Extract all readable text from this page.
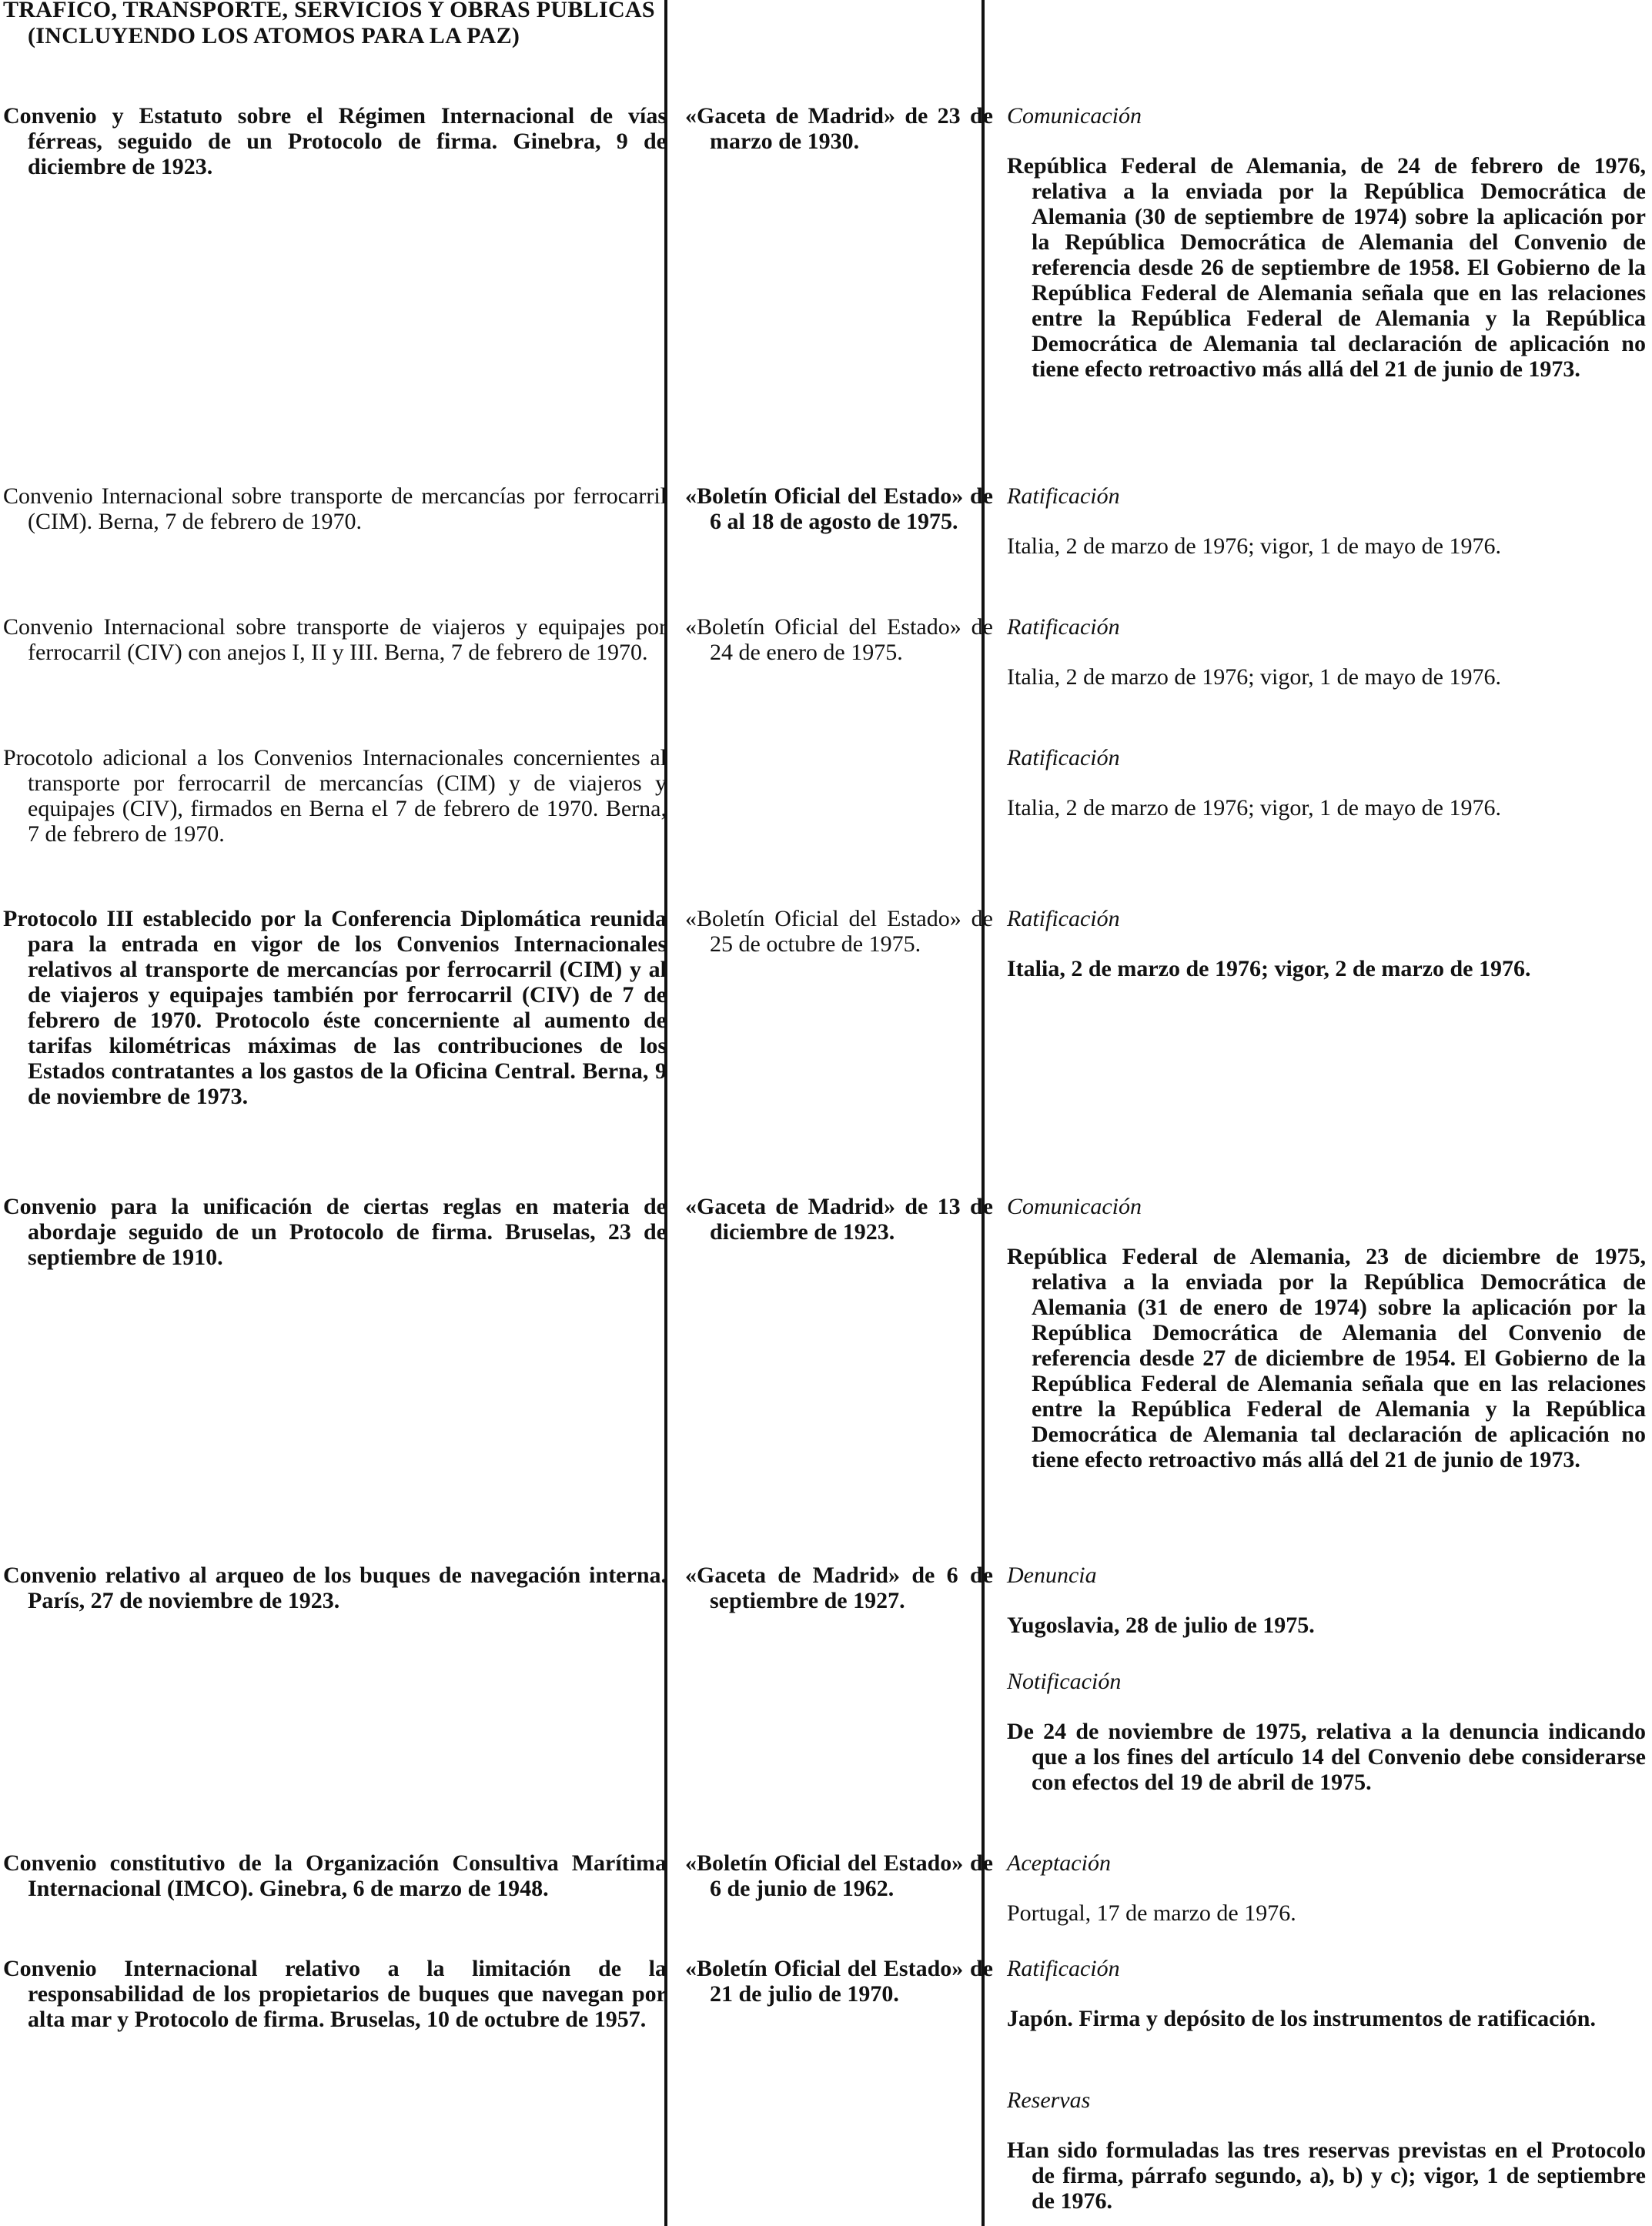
TRAFICO, TRANSPORTE, SERVICIOS Y OBRAS PUBLICAS (INCLUYENDO LOS ATOMOS PARA LA PAZ)
Convenio y Estatuto sobre el Régimen Internacional de vías férreas, seguido de un Protocolo de firma. Ginebra, 9 de diciembre de 1923.
«Gaceta de Madrid» de 23 de marzo de 1930.
Comunicación
República Federal de Alemania, de 24 de febrero de 1976, relativa a la enviada por la República Democrática de Alemania (30 de septiembre de 1974) sobre la aplicación por la República Democrática de Alemania del Convenio de referencia desde 26 de septiembre de 1958. El Gobierno de la República Federal de Alemania señala que en las relaciones entre la República Federal de Alemania y la República Democrática de Alemania tal declaración de aplicación no tiene efecto retroactivo más allá del 21 de junio de 1973.
Convenio Internacional sobre transporte de mercancías por ferrocarril (CIM). Berna, 7 de febrero de 1970.
«Boletín Oficial del Estado» de 6 al 18 de agosto de 1975.
Ratificación
Italia, 2 de marzo de 1976; vigor, 1 de mayo de 1976.
Convenio Internacional sobre transporte de viajeros y equipajes por ferrocarril (CIV) con anejos I, II y III. Berna, 7 de febrero de 1970.
«Boletín Oficial del Estado» de 24 de enero de 1975.
Ratificación
Italia, 2 de marzo de 1976; vigor, 1 de mayo de 1976.
Procotolo adicional a los Convenios Internacionales concernientes al transporte por ferrocarril de mercancías (CIM) y de viajeros y equipajes (CIV), firmados en Berna el 7 de febrero de 1970. Berna, 7 de febrero de 1970.
Ratificación
Italia, 2 de marzo de 1976; vigor, 1 de mayo de 1976.
Protocolo III establecido por la Conferencia Diplomática reunida para la entrada en vigor de los Convenios Internacionales relativos al transporte de mercancías por ferrocarril (CIM) y al de viajeros y equipajes también por ferrocarril (CIV) de 7 de febrero de 1970. Protocolo éste concerniente al aumento de tarifas kilométricas máximas de las contribuciones de los Estados contratantes a los gastos de la Oficina Central. Berna, 9 de noviembre de 1973.
«Boletín Oficial del Estado» de 25 de octubre de 1975.
Ratificación
Italia, 2 de marzo de 1976; vigor, 2 de marzo de 1976.
Convenio para la unificación de ciertas reglas en materia de abordaje seguido de un Protocolo de firma. Bruselas, 23 de septiembre de 1910.
«Gaceta de Madrid» de 13 de diciembre de 1923.
Comunicación
República Federal de Alemania, 23 de diciembre de 1975, relativa a la enviada por la República Democrática de Alemania (31 de enero de 1974) sobre la aplicación por la República Democrática de Alemania del Convenio de referencia desde 27 de diciembre de 1954. El Gobierno de la República Federal de Alemania señala que en las relaciones entre la República Federal de Alemania y la República Democrática de Alemania tal declaración de aplicación no tiene efecto retroactivo más allá del 21 de junio de 1973.
Convenio relativo al arqueo de los buques de navegación interna. París, 27 de noviembre de 1923.
«Gaceta de Madrid» de 6 de septiembre de 1927.
Denuncia
Yugoslavia, 28 de julio de 1975.
Notificación
De 24 de noviembre de 1975, relativa a la denuncia indicando que a los fines del artículo 14 del Convenio debe considerarse con efectos del 19 de abril de 1975.
Convenio constitutivo de la Organización Consultiva Marítima Internacional (IMCO). Ginebra, 6 de marzo de 1948.
«Boletín Oficial del Estado» de 6 de junio de 1962.
Aceptación
Portugal, 17 de marzo de 1976.
Convenio Internacional relativo a la limitación de la responsabilidad de los propietarios de buques que navegan por alta mar y Protocolo de firma. Bruselas, 10 de octubre de 1957.
«Boletín Oficial del Estado» de 21 de julio de 1970.
Ratificación
Japón. Firma y depósito de los instrumentos de ratificación.
Reservas
Han sido formuladas las tres reservas previstas en el Protocolo de firma, párrafo segundo, a), b) y c); vigor, 1 de septiembre de 1976.
